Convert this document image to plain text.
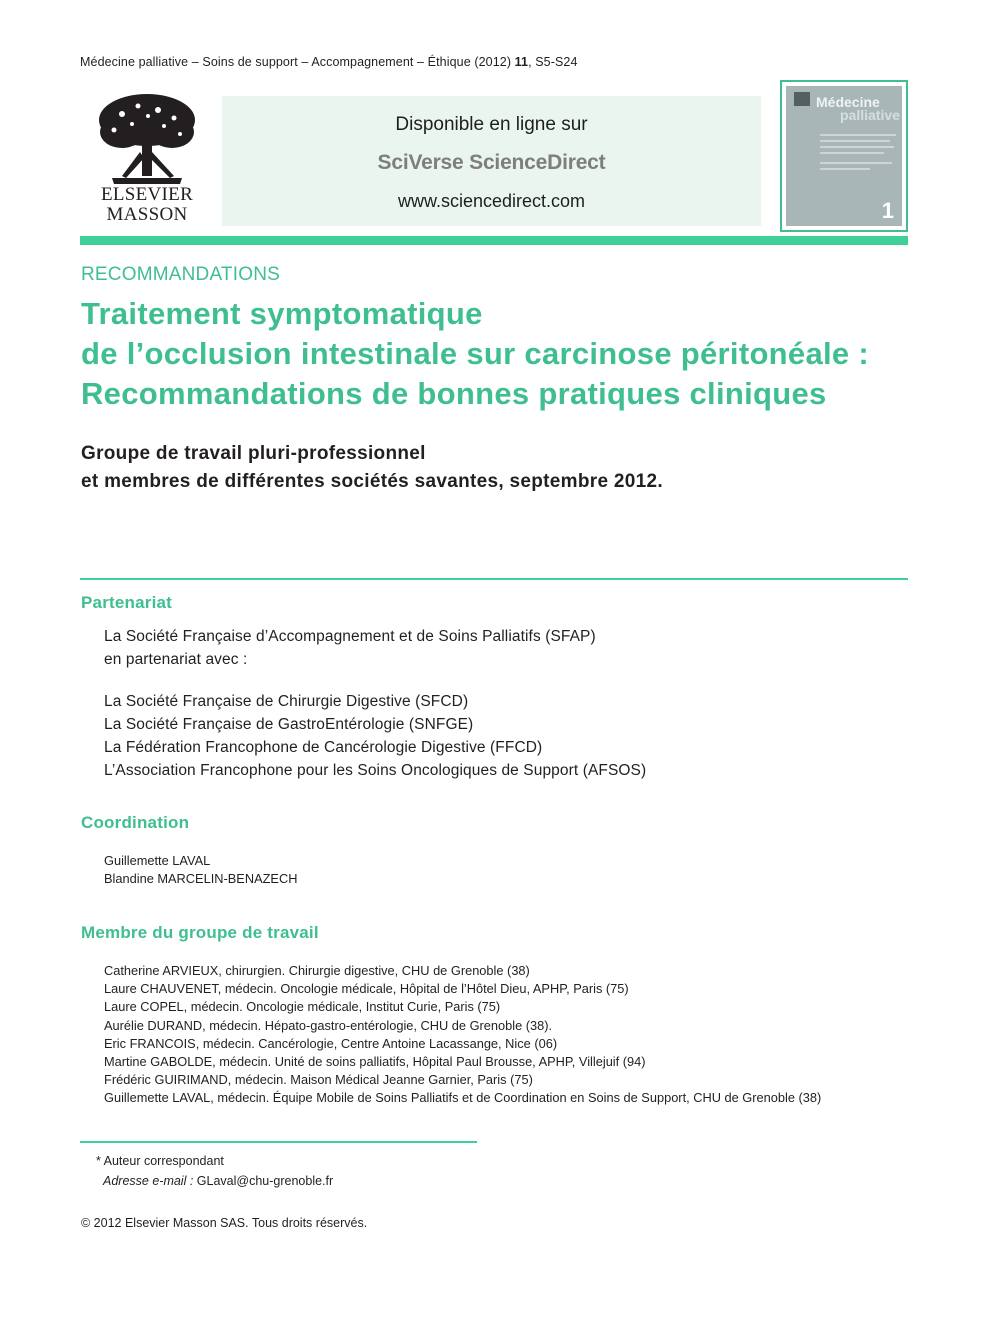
Médecine palliative – Soins de support – Accompagnement – Éthique (2012) 11, S5-S24
ELSEVIER
MASSON
Disponible en ligne sur
SciVerse ScienceDirect
www.sciencedirect.com
Médecine
palliative
1
RECOMMANDATIONS
Traitement symptomatique
de l’occlusion intestinale sur carcinose péritonéale :
Recommandations de bonnes pratiques cliniques
Groupe de travail pluri-professionnel
et membres de différentes sociétés savantes, septembre 2012.
Partenariat
La Société Française d’Accompagnement et de Soins Palliatifs (SFAP)
en partenariat avec :
La Société Française de Chirurgie Digestive (SFCD)
La Société Française de GastroEntérologie (SNFGE)
La Fédération Francophone de Cancérologie Digestive (FFCD)
L’Association Francophone pour les Soins Oncologiques de Support (AFSOS)
Coordination
Guillemette LAVAL
Blandine MARCELIN-BENAZECH
Membre du groupe de travail
Catherine ARVIEUX, chirurgien. Chirurgie digestive, CHU de Grenoble (38)
Laure CHAUVENET, médecin. Oncologie médicale, Hôpital de l’Hôtel Dieu, APHP, Paris (75)
Laure COPEL, médecin. Oncologie médicale, Institut Curie, Paris (75)
Aurélie DURAND, médecin. Hépato-gastro-entérologie, CHU de Grenoble (38).
Eric FRANCOIS, médecin. Cancérologie, Centre Antoine Lacassange, Nice (06)
Martine GABOLDE, médecin. Unité de soins palliatifs, Hôpital Paul Brousse, APHP, Villejuif (94)
Frédéric GUIRIMAND, médecin. Maison Médical Jeanne Garnier, Paris (75)
Guillemette LAVAL, médecin. Équipe Mobile de Soins Palliatifs et de Coordination en Soins de Support, CHU de Grenoble (38)
* Auteur correspondant
Adresse e-mail : GLaval@chu-grenoble.fr
© 2012 Elsevier Masson SAS. Tous droits réservés.
